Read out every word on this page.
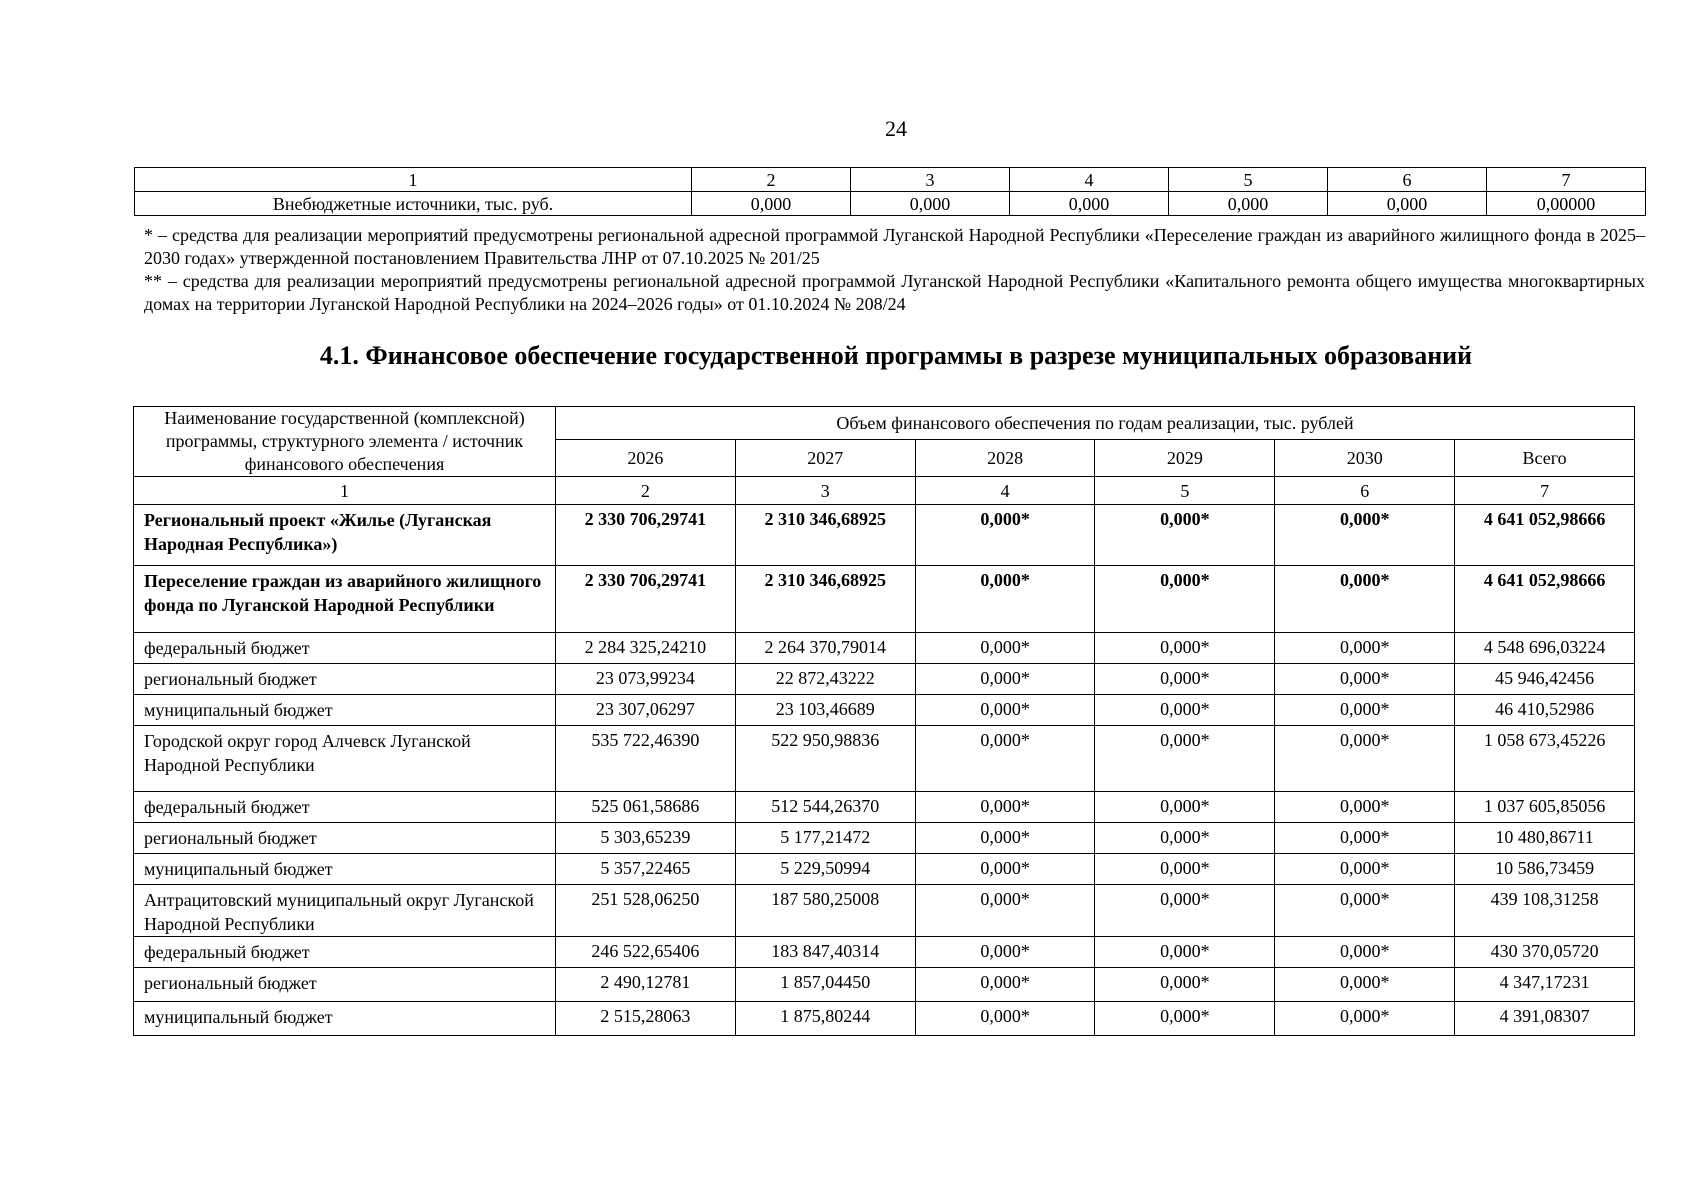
24
1	2	3	4	5	6	7
Внебюджетные источники, тыс. руб.	0,000	0,000	0,000	0,000	0,000	0,00000

* – средства для реализации мероприятий предусмотрены региональной адресной программой Луганской Народной Республики «Переселение граждан из аварийного жилищного фонда в 2025–2030 годах» утвержденной постановлением Правительства ЛНР от 07.10.2025 № 201/25

** – средства для реализации мероприятий предусмотрены региональной адресной программой Луганской Народной Республики «Капитального ремонта общего имущества многоквартирных домах на территории Луганской Народной Республики на 2024–2026 годы» от 01.10.2024 № 208/24

4.1. Финансовое обеспечение государственной программы в разрезе муниципальных образований
Наименование государственной (комплексной) программы, структурного элемента / источник финансового обеспечения	Объем финансового обеспечения по годам реализации, тыс. рублей					
	2026	2027	2028	2029	2030	Всего
1	2	3	4	5	6	7
Региональный проект «Жилье (Луганская Народная Республика»)	2 330 706,29741	2 310 346,68925	0,000*	0,000*	0,000*	4 641 052,98666
Переселение граждан из аварийного жилищного фонда по Луганской Народной Республики	2 330 706,29741	2 310 346,68925	0,000*	0,000*	0,000*	4 641 052,98666
федеральный бюджет	2 284 325,24210	2 264 370,79014	0,000*	0,000*	0,000*	4 548 696,03224
региональный бюджет	23 073,99234	22 872,43222	0,000*	0,000*	0,000*	45 946,42456
муниципальный бюджет	23 307,06297	23 103,46689	0,000*	0,000*	0,000*	46 410,52986
Городской округ город Алчевск Луганской Народной Республики	535 722,46390	522 950,98836	0,000*	0,000*	0,000*	1 058 673,45226
федеральный бюджет	525 061,58686	512 544,26370	0,000*	0,000*	0,000*	1 037 605,85056
региональный бюджет	5 303,65239	5 177,21472	0,000*	0,000*	0,000*	10 480,86711
муниципальный бюджет	5 357,22465	5 229,50994	0,000*	0,000*	0,000*	10 586,73459
Антрацитовский муниципальный округ Луганской Народной Республики	251 528,06250	187 580,25008	0,000*	0,000*	0,000*	439 108,31258
федеральный бюджет	246 522,65406	183 847,40314	0,000*	0,000*	0,000*	430 370,05720
региональный бюджет	2 490,12781	1 857,04450	0,000*	0,000*	0,000*	4 347,17231
муниципальный бюджет	2 515,28063	1 875,80244	0,000*	0,000*	0,000*	4 391,08307
